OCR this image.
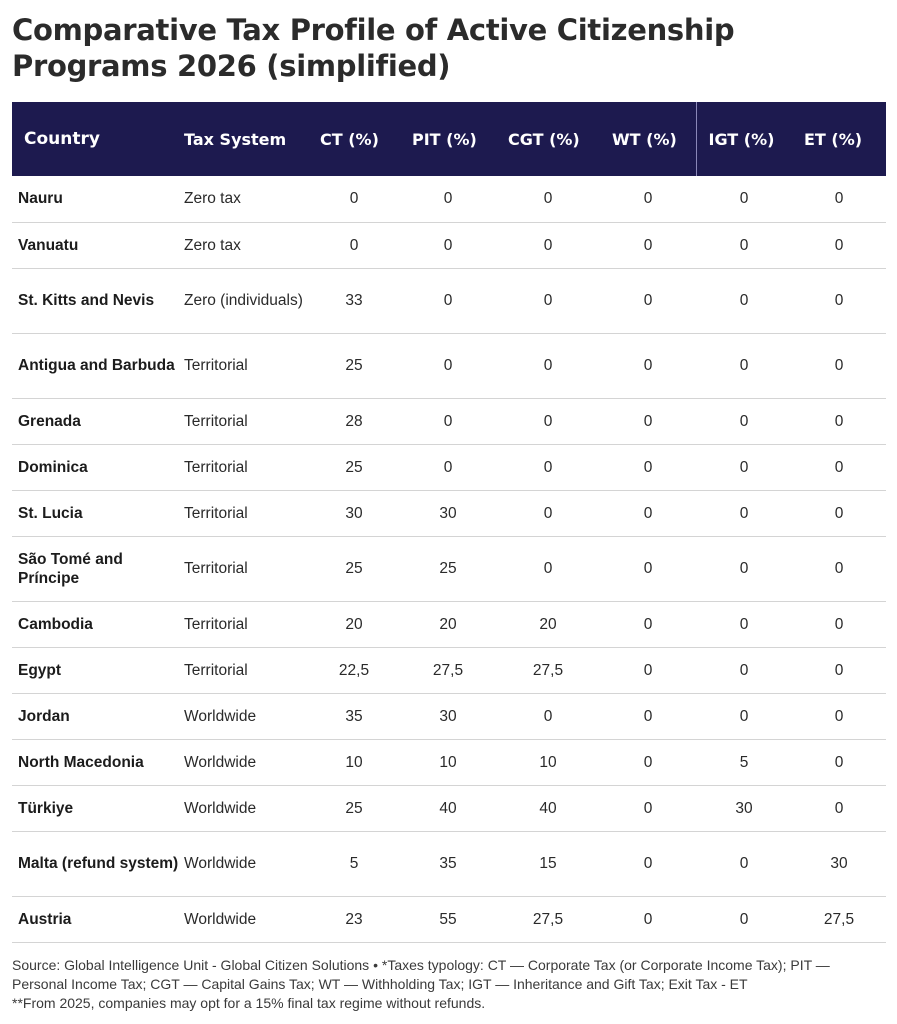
Comparative Tax Profile of Active Citizenship Programs 2026 (simplified)
Country	Tax System	CT (%)	PIT (%)	CGT (%)	WT (%)	IGT (%)	ET (%)
Nauru	Zero tax	0	0	0	0	0	0
Vanuatu	Zero tax	0	0	0	0	0	0
St. Kitts and Nevis	Zero (individuals)	33	0	0	0	0	0
Antigua and Barbuda	Territorial	25	0	0	0	0	0
Grenada	Territorial	28	0	0	0	0	0
Dominica	Territorial	25	0	0	0	0	0
St. Lucia	Territorial	30	30	0	0	0	0
São Tomé and Príncipe	Territorial	25	25	0	0	0	0
Cambodia	Territorial	20	20	20	0	0	0
Egypt	Territorial	22,5	27,5	27,5	0	0	0
Jordan	Worldwide	35	30	0	0	0	0
North Macedonia	Worldwide	10	10	10	0	5	0
Türkiye	Worldwide	25	40	40	0	30	0
Malta (refund system)	Worldwide	5	35	15	0	0	30
Austria	Worldwide	23	55	27,5	0	0	27,5

Source: Global Intelligence Unit - Global Citizen Solutions • *Taxes typology: CT — Corporate Tax (or Corporate Income Tax); PIT — Personal Income Tax; CGT — Capital Gains Tax; WT — Withholding Tax; IGT — Inheritance and Gift Tax; Exit Tax - ET

**From 2025, companies may opt for a 15% final tax regime without refunds.
